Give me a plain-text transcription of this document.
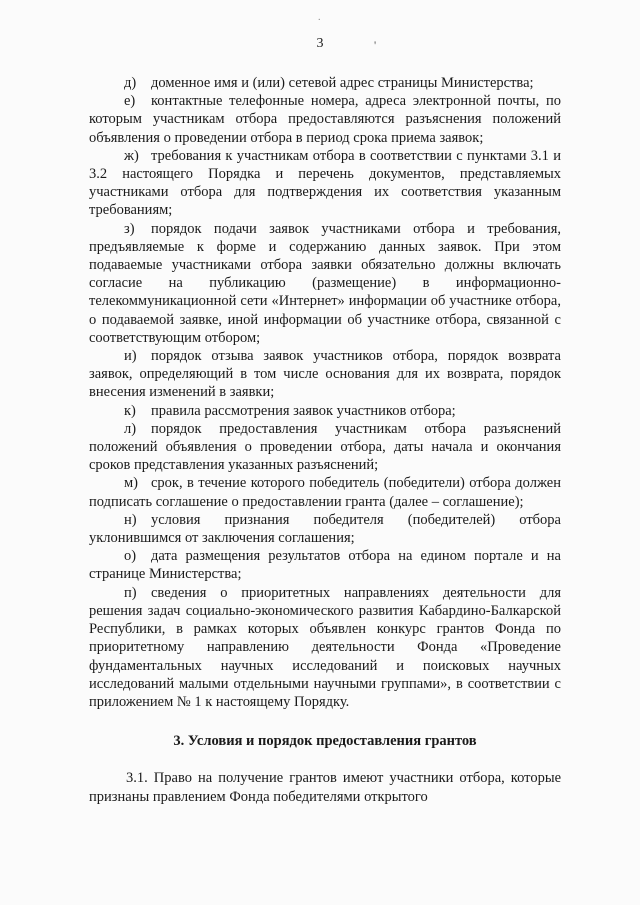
.
3	'

д) доменное имя и (или) сетевой адрес страницы Министерства;

е) контактные телефонные номера, адреса электронной почты, по которым участникам отбора предоставляются разъяснения положений объявления о проведении отбора в период срока приема заявок;

ж) требования к участникам отбора в соответствии с пунктами 3.1 и 3.2 настоящего Порядка и перечень документов, представляемых участниками отбора для подтверждения их соответствия указанным требованиям;

з) порядок подачи заявок участниками отбора и требования, предъявляемые к форме и содержанию данных заявок. При этом подаваемые участниками отбора заявки обязательно должны включать согласие на публикацию (размещение) в информационно-телекоммуникационной сети «Интернет» информации об участнике отбора, о подаваемой заявке, иной информации об участнике отбора, связанной с соответствующим отбором;

и) порядок отзыва заявок участников отбора, порядок возврата заявок, определяющий в том числе основания для их возврата, порядок внесения изменений в заявки;

к) правила рассмотрения заявок участников отбора;

л) порядок предоставления участникам отбора разъяснений положений объявления о проведении отбора, даты начала и окончания сроков представления указанных разъяснений;

м) срок, в течение которого победитель (победители) отбора должен подписать соглашение о предоставлении гранта (далее – соглашение);

н) условия признания победителя (победителей) отбора уклонившимся от заключения соглашения;

о) дата размещения результатов отбора на едином портале и на странице Министерства;

п) сведения о приоритетных направлениях деятельности для решения задач социально-экономического развития Кабардино-Балкарской Республики, в рамках которых объявлен конкурс грантов Фонда по приоритетному направлению деятельности Фонда «Проведение фундаментальных научных исследований и поисковых научных исследований малыми отдельными научными группами», в соответствии с приложением № 1 к настоящему Порядку.

3. Условия и порядок предоставления грантов

3.1. Право на получение грантов имеют участники отбора, которые признаны правлением Фонда победителями открытого
